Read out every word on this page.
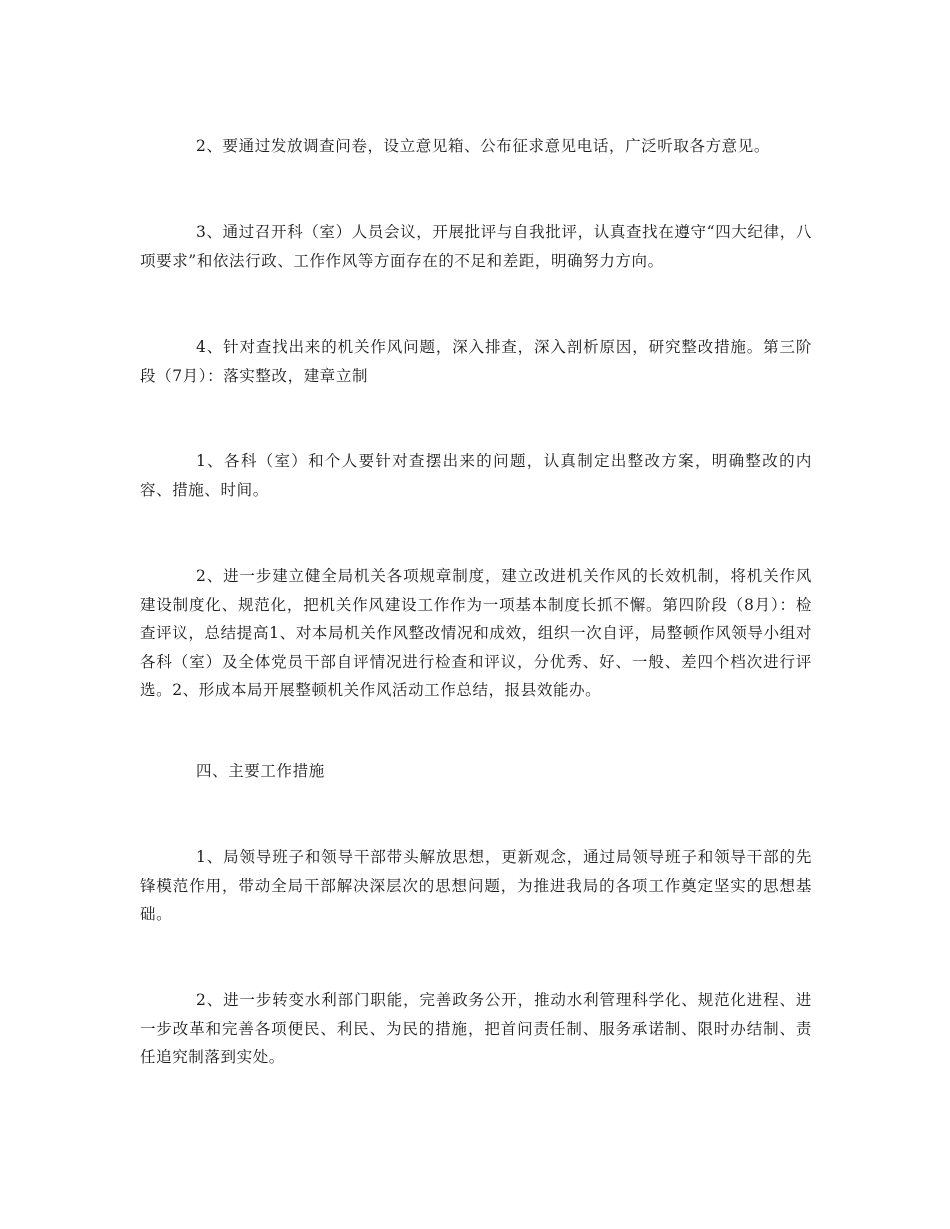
2、要通过发放调查问卷，设立意见箱、公布征求意见电话，广泛听取各方意见。

3、通过召开科（室）人员会议，开展批评与自我批评，认真查找在遵守“四大纪律，八项要求”和依法行政、工作作风等方面存在的不足和差距，明确努力方向。

4、针对查找出来的机关作风问题，深入排查，深入剖析原因，研究整改措施。第三阶段（7月）：落实整改，建章立制

1、各科（室）和个人要针对查摆出来的问题，认真制定出整改方案，明确整改的内容、措施、时间。

2、进一步建立健全局机关各项规章制度，建立改进机关作风的长效机制，将机关作风建设制度化、规范化，把机关作风建设工作作为一项基本制度长抓不懈。第四阶段（8月）：检查评议，总结提高1、对本局机关作风整改情况和成效，组织一次自评，局整顿作风领导小组对各科（室）及全体党员干部自评情况进行检查和评议，分优秀、好、一般、差四个档次进行评选。2、形成本局开展整顿机关作风活动工作总结，报县效能办。

四、主要工作措施

1、局领导班子和领导干部带头解放思想，更新观念，通过局领导班子和领导干部的先锋模范作用，带动全局干部解决深层次的思想问题，为推进我局的各项工作奠定坚实的思想基础。

2、进一步转变水利部门职能，完善政务公开，推动水利管理科学化、规范化进程、进一步改革和完善各项便民、利民、为民的措施，把首问责任制、服务承诺制、限时办结制、责任追究制落到实处。
